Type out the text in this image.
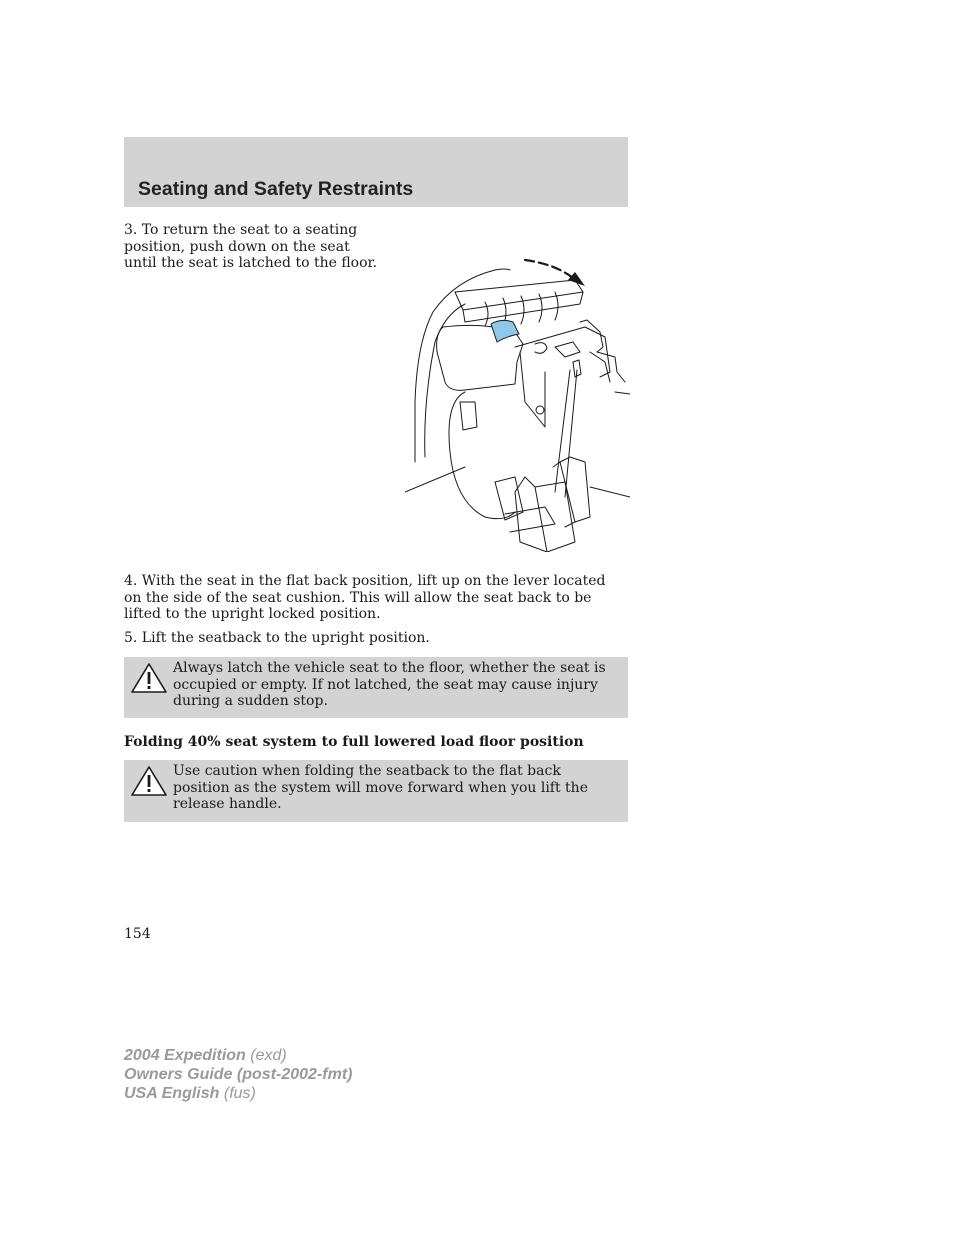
Seating and Safety Restraints

3. To return the seat to a seating position, push down on the seat until the seat is latched to the floor.

4. With the seat in the flat back position, lift up on the lever located on the side of the seat cushion. This will allow the seat back to be lifted to the upright locked position.

5. Lift the seatback to the upright position.

Always latch the vehicle seat to the floor, whether the seat is occupied or empty. If not latched, the seat may cause injury during a sudden stop.

Folding 40% seat system to full lowered load floor position

Use caution when folding the seatback to the flat back position as the system will move forward when you lift the release handle.

154

2004 Expedition (exd)
Owners Guide (post-2002-fmt)
USA English (fus)
